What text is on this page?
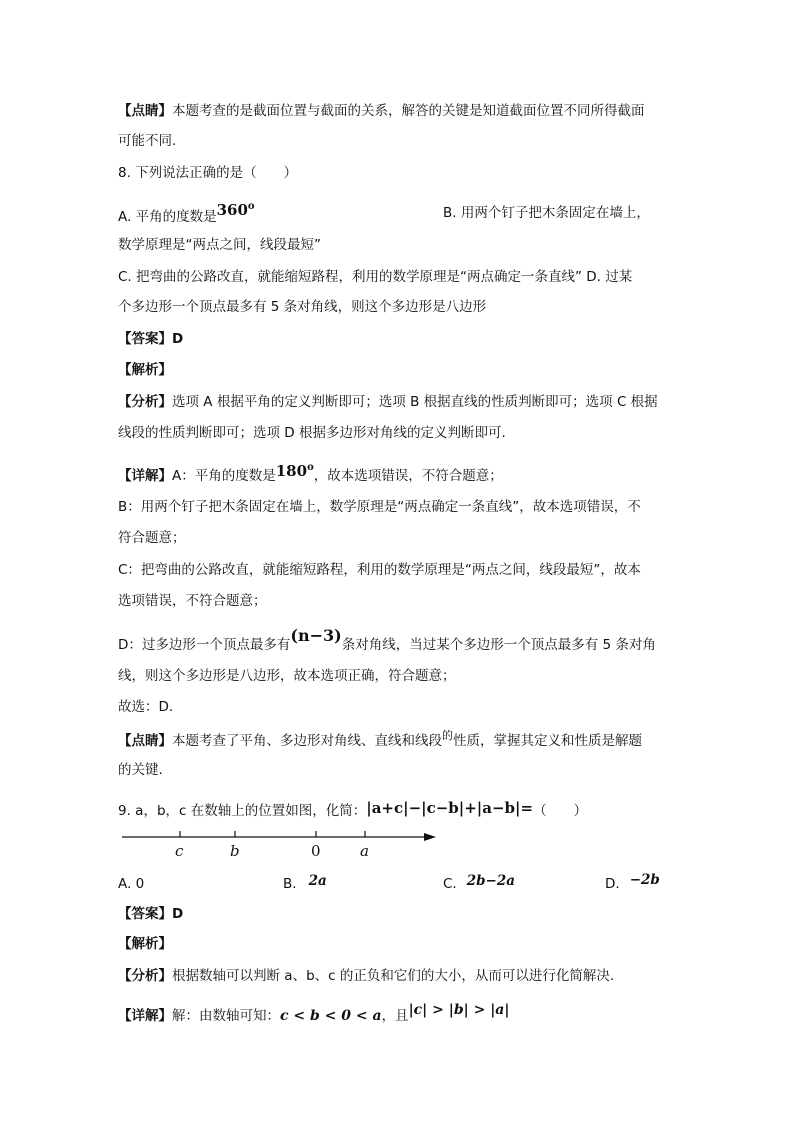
【点睛】本题考查的是截面位置与截面的关系，解答的关键是知道截面位置不同所得截面
可能不同.
8. 下列说法正确的是（　　）
A. 平角的度数是360$^o$	B. 用两个钉子把木条固定在墙上，
数学原理是“两点之间，线段最短”
C. 把弯曲的公路改直，就能缩短路程，利用的数学原理是“两点确定一条直线” D. 过某
个多边形一个顶点最多有 5 条对角线，则这个多边形是八边形
【答案】D
【解析】
【分析】选项 A 根据平角的定义判断即可；选项 B 根据直线的性质判断即可；选项 C 根据
线段的性质判断即可；选项 D 根据多边形对角线的定义判断即可.
【详解】A：平角的度数是180$^o$，故本选项错误，不符合题意；
B：用两个钉子把木条固定在墙上，数学原理是“两点确定一条直线”，故本选项错误，不
符合题意；
C：把弯曲的公路改直，就能缩短路程，利用的数学原理是“两点之间，线段最短”，故本
选项错误，不符合题意；
D：过多边形一个顶点最多有(n−3)条对角线，当过某个多边形一个顶点最多有 5 条对角
线，则这个多边形是八边形，故本选项正确，符合题意；
故选：D.
【点睛】本题考查了平角、多边形对角线、直线和线段$^的$性质，掌握其定义和性质是解题
的关键.
9. a，b，c 在数轴上的位置如图，化简：|a+c|−|c−b|+|a−b|=（　　）
c	b	0	a
A. 0	B. 2a	C. 2b−2a	D. −2b
【答案】D
【解析】
【分析】根据数轴可以判断 a、b、c 的正负和它们的大小，从而可以进行化简解决.
【详解】解：由数轴可知：c < b < 0 < a，且|c| > |b| > |a|
